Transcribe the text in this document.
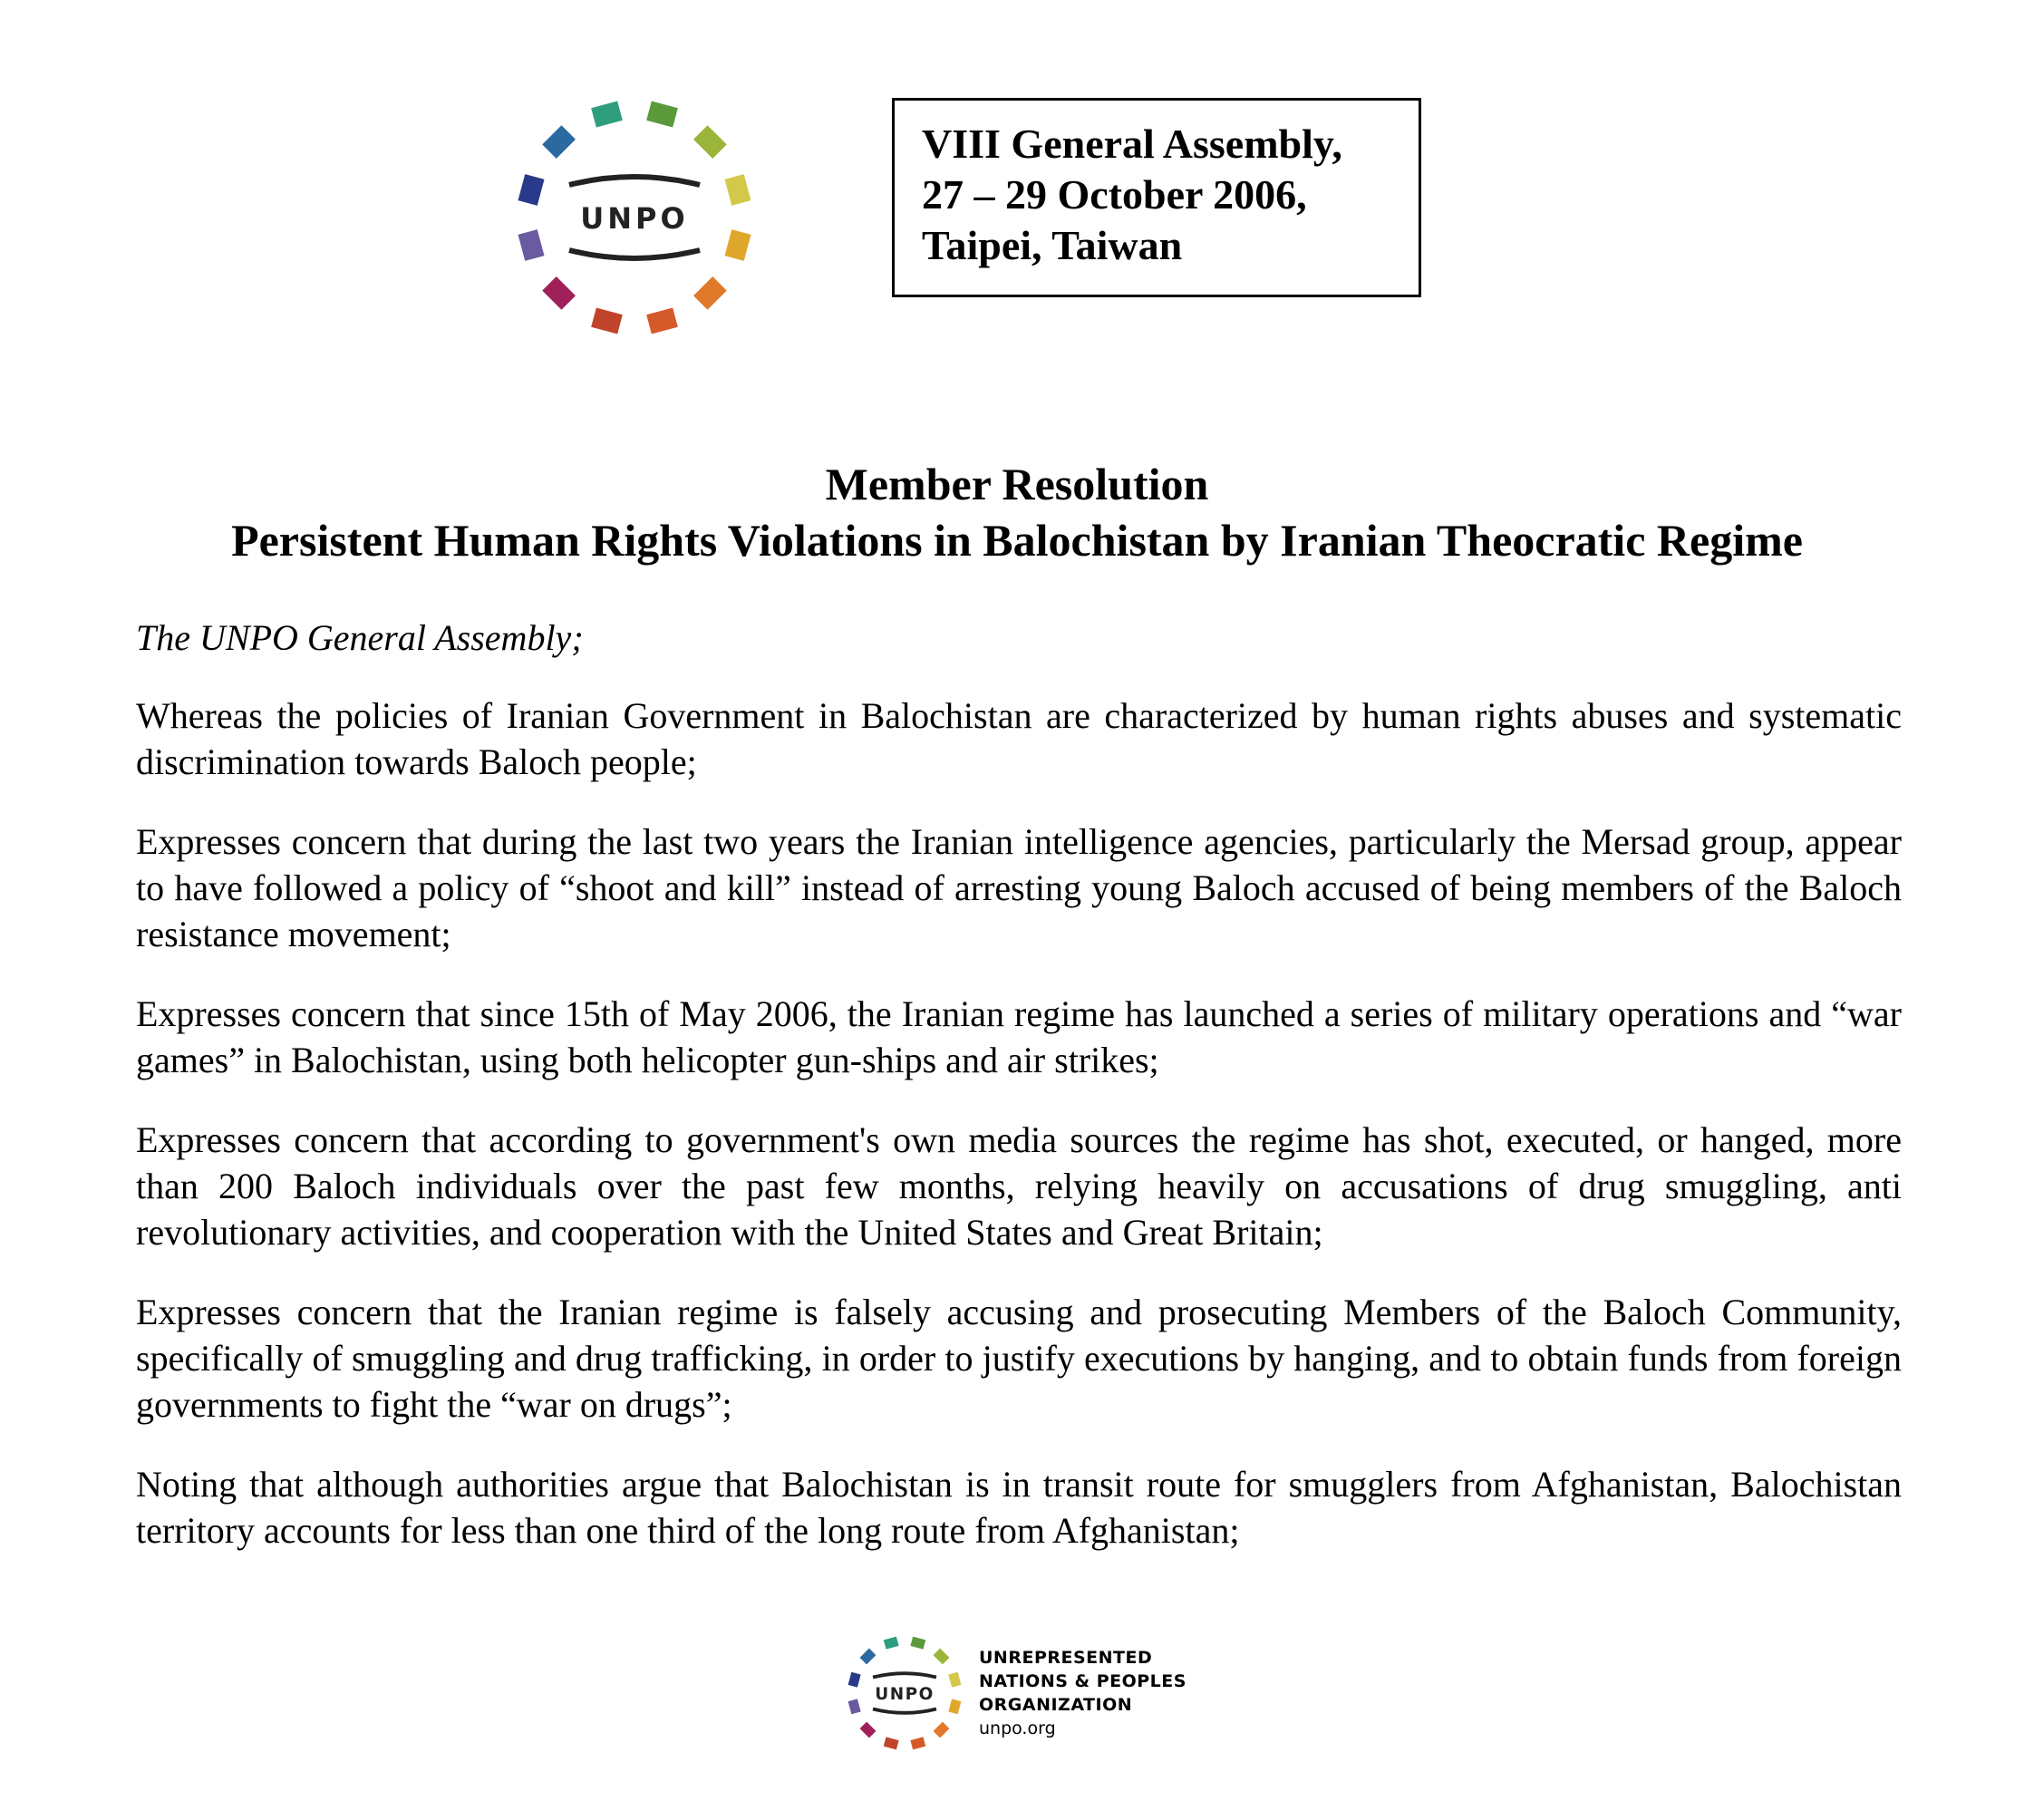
UNPO
VIII General Assembly,
27 – 29 October 2006,
Taipei, Taiwan
Member Resolution
Persistent Human Rights Violations in Balochistan by Iranian Theocratic Regime

The UNPO General Assembly;

Whereas the policies of Iranian Government in Balochistan are characterized by human rights abuses and systematic discrimination towards Baloch people;

Expresses concern that during the last two years the Iranian intelligence agencies, particularly the Mersad group, appear to have followed a policy of “shoot and kill” instead of arresting young Baloch accused of being members of the Baloch resistance movement;

Expresses concern that since 15th of May 2006, the Iranian regime has launched a series of military operations and “war games” in Balochistan, using both helicopter gun-ships and air strikes;

Expresses concern that according to government's own media sources the regime has shot, executed, or hanged, more than 200 Baloch individuals over the past few months, relying heavily on accusations of drug smuggling, anti revolutionary activities, and cooperation with the United States and Great Britain;

Expresses concern that the Iranian regime is falsely accusing and prosecuting Members of the Baloch Community, specifically of smuggling and drug trafficking, in order to justify executions by hanging, and to obtain funds from foreign governments to fight the “war on drugs”;

Noting that although authorities argue that Balochistan is in transit route for smugglers from Afghanistan, Balochistan territory accounts for less than one third of the long route from Afghanistan;

UNPO
UNREPRESENTED
NATIONS & PEOPLES
ORGANIZATION
unpo.org
